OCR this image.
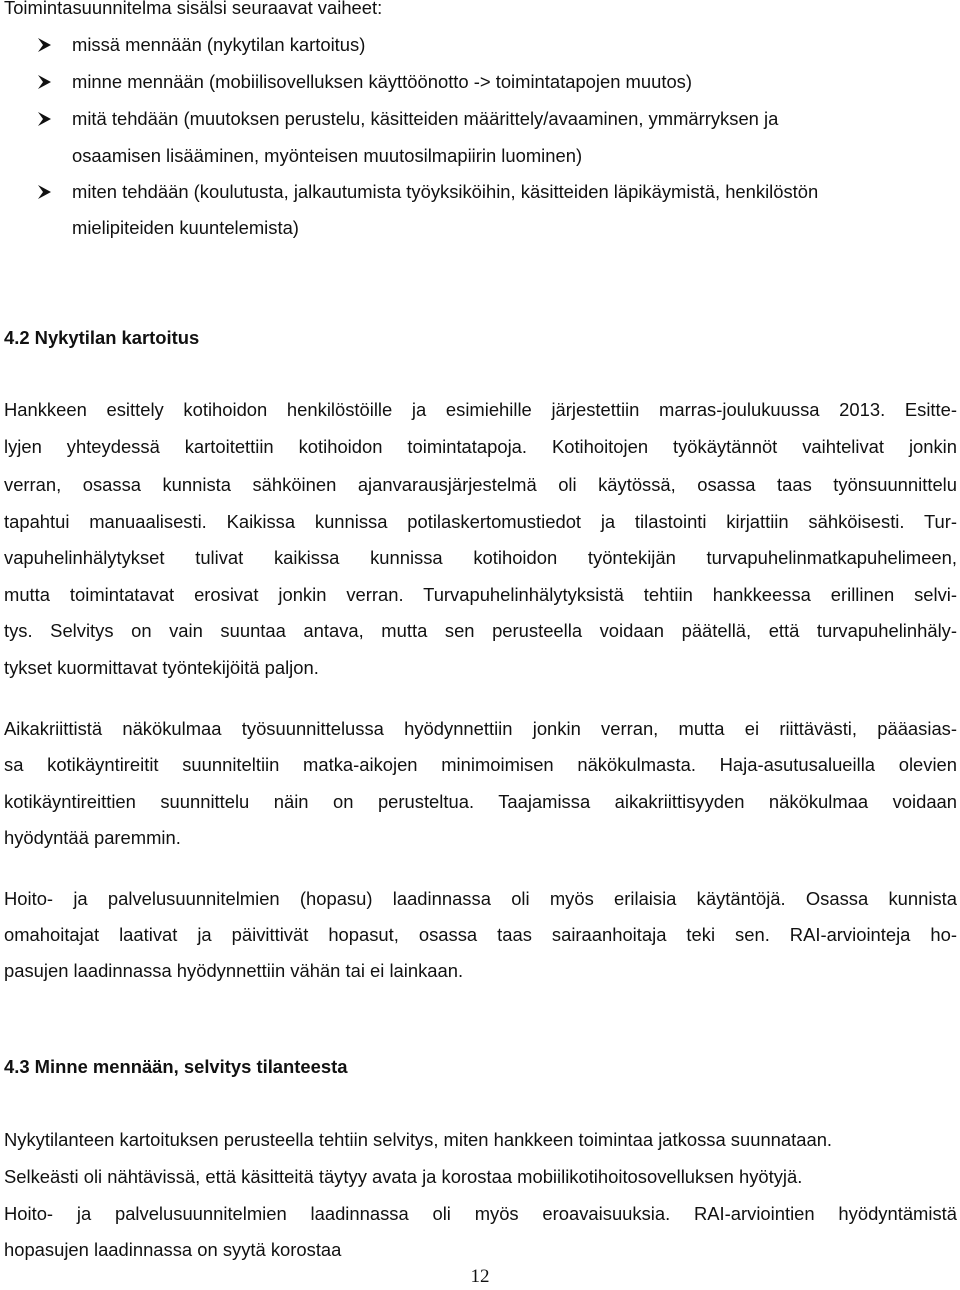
Toimintasuunnitelma sisälsi seuraavat vaiheet:
missä mennään (nykytilan kartoitus)
minne mennään (mobiilisovelluksen käyttöönotto -> toimintatapojen muutos)
mitä tehdään (muutoksen perustelu, käsitteiden määrittely/avaaminen, ymmärryksen ja
osaamisen lisääminen, myönteisen muutosilmapiirin luominen)
miten tehdään (koulutusta, jalkautumista työyksiköihin, käsitteiden läpikäymistä, henkilöstön
mielipiteiden kuuntelemista)
4.2 Nykytilan kartoitus
Hankkeen esittely kotihoidon henkilöstöille ja esimiehille järjestettiin marras-joulukuussa 2013. Esitte-
lyjen yhteydessä kartoitettiin kotihoidon toimintatapoja. Kotihoitojen työkäytännöt vaihtelivat jonkin
verran, osassa kunnista sähköinen ajanvarausjärjestelmä oli käytössä, osassa taas työnsuunnittelu
tapahtui manuaalisesti. Kaikissa kunnissa potilaskertomustiedot ja tilastointi kirjattiin sähköisesti. Tur-
vapuhelinhälytykset tulivat kaikissa kunnissa kotihoidon työntekijän turvapuhelinmatkapuhelimeen,
mutta toimintatavat erosivat jonkin verran. Turvapuhelinhälytyksistä tehtiin hankkeessa erillinen selvi-
tys. Selvitys on vain suuntaa antava, mutta sen perusteella voidaan päätellä, että turvapuhelinhäly-
tykset kuormittavat työntekijöitä paljon.
Aikakriittistä näkökulmaa työsuunnittelussa hyödynnettiin jonkin verran, mutta ei riittävästi, pääasias-
sa kotikäyntireitit suunniteltiin matka-aikojen minimoimisen näkökulmasta. Haja-asutusalueilla olevien
kotikäyntireittien suunnittelu näin on perusteltua. Taajamissa aikakriittisyyden näkökulmaa voidaan
hyödyntää paremmin.
Hoito- ja palvelusuunnitelmien (hopasu) laadinnassa oli myös erilaisia käytäntöjä. Osassa kunnista
omahoitajat laativat ja päivittivät hopasut, osassa taas sairaanhoitaja teki sen. RAI-arviointeja ho-
pasujen laadinnassa hyödynnettiin vähän tai ei lainkaan.
4.3 Minne mennään, selvitys tilanteesta
Nykytilanteen kartoituksen perusteella tehtiin selvitys, miten hankkeen toimintaa jatkossa suunnataan.
Selkeästi oli nähtävissä, että käsitteitä täytyy avata ja korostaa mobiilikotihoitosovelluksen hyötyjä.
Hoito- ja palvelusuunnitelmien laadinnassa oli myös eroavaisuuksia. RAI-arviointien hyödyntämistä
hopasujen laadinnassa on syytä korostaa
12
